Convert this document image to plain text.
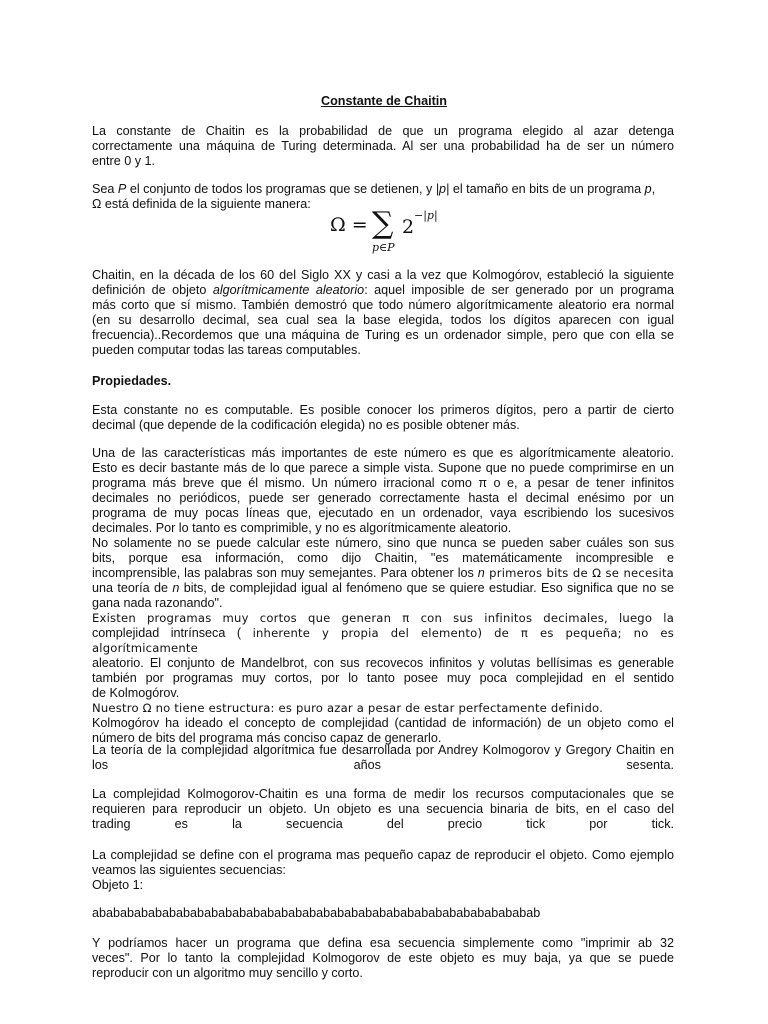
Constante de Chaitin

La constante de Chaitin es la probabilidad de que un programa elegido al azar detenga
correctamente una máquina de Turing determinada. Al ser una probabilidad ha de ser un número
entre 0 y 1.
Sea P el conjunto de todos los programas que se detienen, y |p| el tamaño en bits de un programa p,
Ω está definida de la siguiente manera:
Ω = ∑ 2
−|p|
p∈P
Chaitin, en la década de los 60 del Siglo XX y casi a la vez que Kolmogórov, estableció la siguiente
definición de objeto algorítmicamente aleatorio: aquel imposible de ser generado por un programa
más corto que sí mismo. También demostró que todo número algorítmicamente aleatorio era normal
(en su desarrollo decimal, sea cual sea la base elegida, todos los dígitos aparecen con igual
frecuencia)..Recordemos que una máquina de Turing es un ordenador simple, pero que con ella se
pueden computar todas las tareas computables.
Propiedades.
Esta constante no es computable. Es posible conocer los primeros dígitos, pero a partir de cierto
decimal (que depende de la codificación elegida) no es posible obtener más.
Una de las características más importantes de este número es que es algorítmicamente aleatorio.
Esto es decir bastante más de lo que parece a simple vista. Supone que no puede comprimirse en un
programa más breve que él mismo. Un número irracional como π o e, a pesar de tener infinitos
decimales no periódicos, puede ser generado correctamente hasta el decimal enésimo por un
programa de muy pocas líneas que, ejecutado en un ordenador, vaya escribiendo los sucesivos
decimales. Por lo tanto es comprimible, y no es algorítmicamente aleatorio.
No solamente no se puede calcular este número, sino que nunca se pueden saber cuáles son sus
bits, porque esa información, como dijo Chaitin, "es matemáticamente incompresible e
incomprensible, las palabras son muy semejantes. Para obtener los n primeros bits de Ω se necesita
una teoría de n bits, de complejidad igual al fenómeno que se quiere estudiar. Eso significa que no se
gana nada razonando".
Existen programas muy cortos que generan π con sus infinitos decimales, luego la
complejidad intrínseca ( inherente y propia del elemento) de π es pequeña; no es algorítmicamente
aleatorio. El conjunto de Mandelbrot, con sus recovecos infinitos y volutas bellísimas es generable
también por programas muy cortos, por lo tanto posee muy poca complejidad en el sentido
de Kolmogórov.
Nuestro Ω no tiene estructura: es puro azar a pesar de estar perfectamente definido.
Kolmogórov ha ideado el concepto de complejidad (cantidad de información) de un objeto como el
número de bits del programa más conciso capaz de generarlo.
La teoría de la complejidad algorítmica fue desarrollada por Andrey Kolmogorov y Gregory Chaitin en
los años sesenta.
La complejidad Kolmogorov-Chaitin es una forma de medir los recursos computacionales que se
requieren para reproducir un objeto. Un objeto es una secuencia binaria de bits, en el caso del
trading es la secuencia del precio tick por tick.
La complejidad se define con el programa mas pequeño capaz de reproducir el objeto. Como ejemplo
veamos las siguientes secuencias:
Objeto 1:
abababababababababababababababababababababababababababababababab
Y podríamos hacer un programa que defina esa secuencia simplemente como "imprimir ab 32
veces". Por lo tanto la complejidad Kolmogorov de este objeto es muy baja, ya que se puede
reproducir con un algoritmo muy sencillo y corto.
